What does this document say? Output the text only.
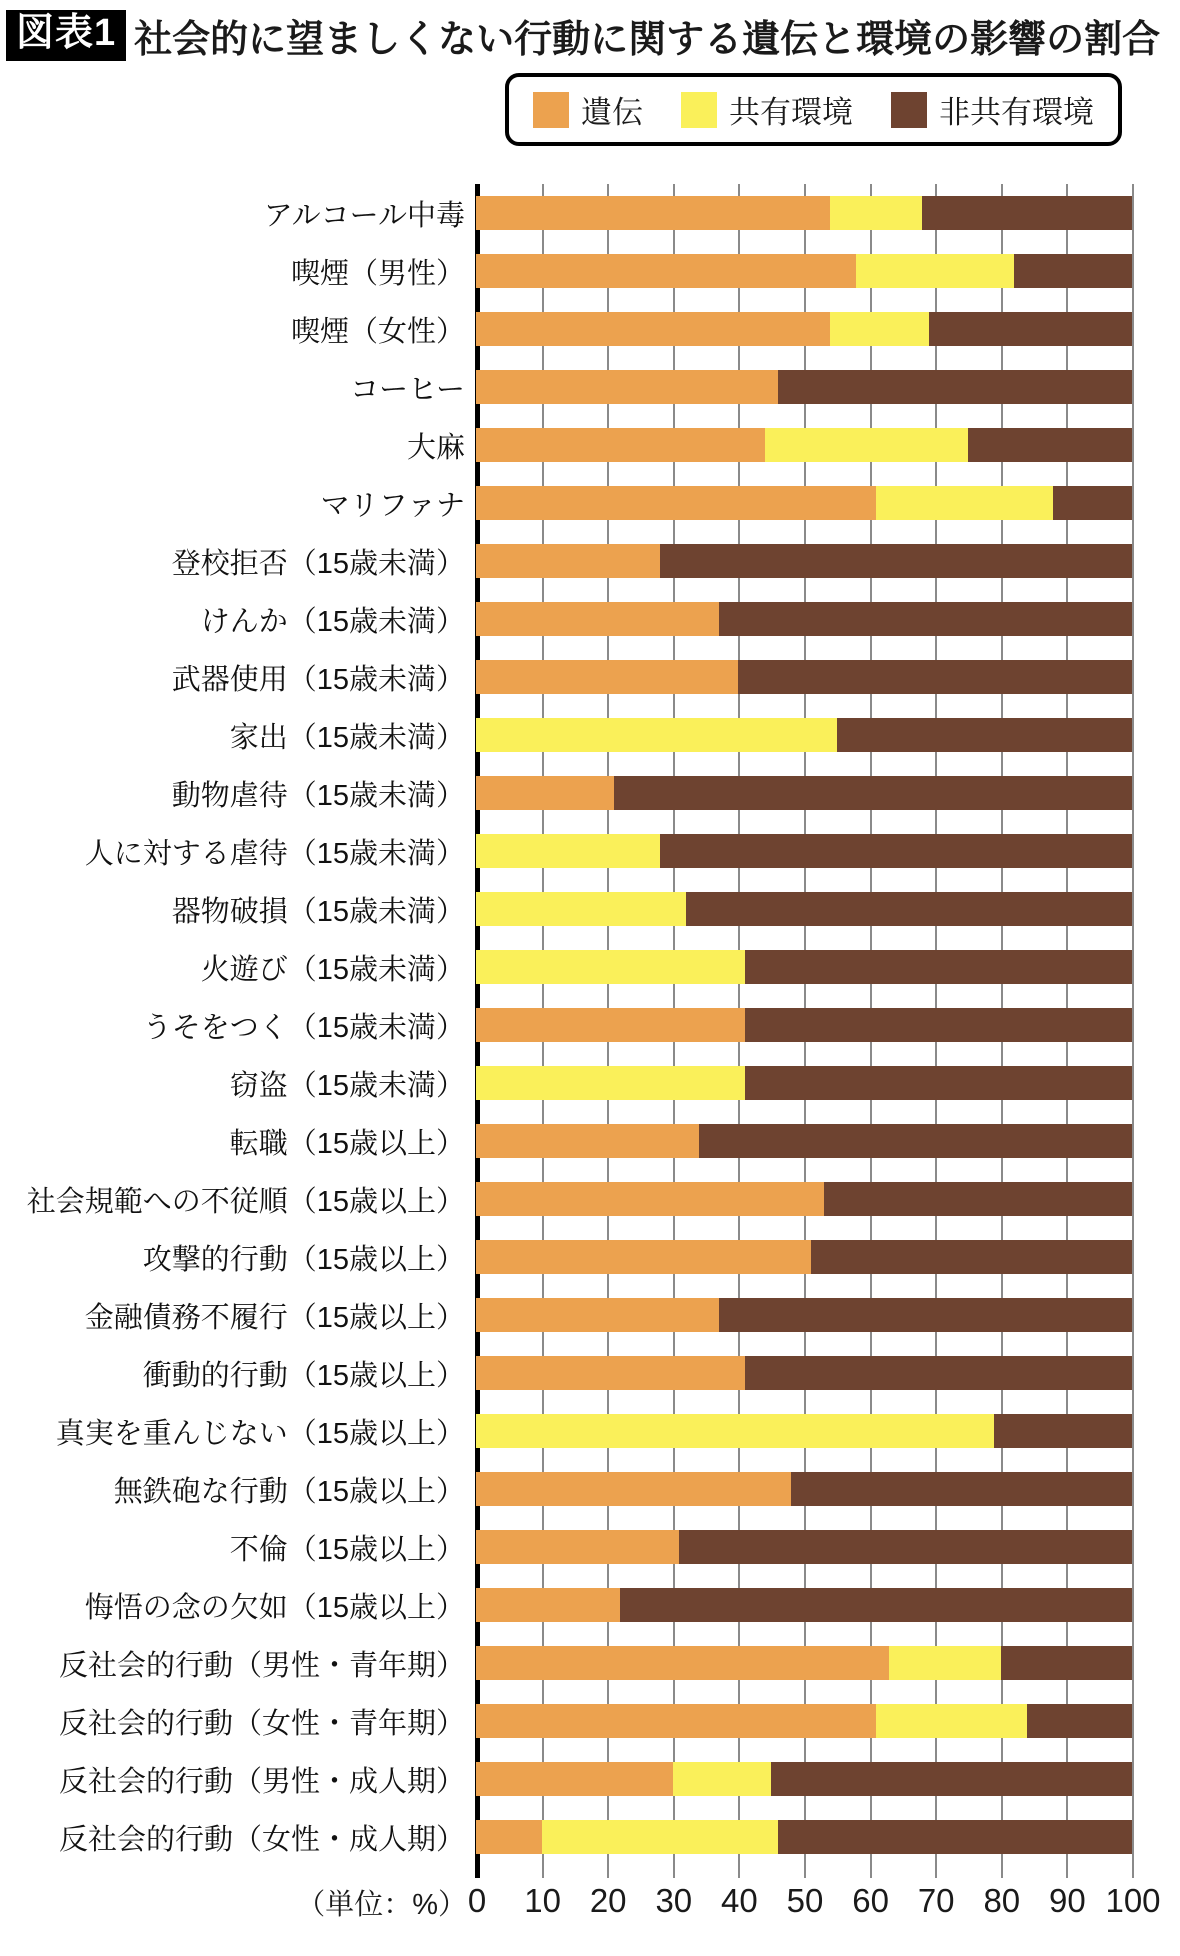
図表1 社会的に望ましくない行動に関する遺伝と環境の影響の割合
遺伝	共有環境	非共有環境
アルコール中毒
喫煙（男性）
喫煙（女性）
コーヒー
大麻
マリファナ
登校拒否（15歳未満）
けんか（15歳未満）
武器使用（15歳未満）
家出（15歳未満）
動物虐待（15歳未満）
人に対する虐待（15歳未満）
器物破損（15歳未満）
火遊び（15歳未満）
うそをつく（15歳未満）
窃盗（15歳未満）
転職（15歳以上）
社会規範への不従順（15歳以上）
攻撃的行動（15歳以上）
金融債務不履行（15歳以上）
衝動的行動（15歳以上）
真実を重んじない（15歳以上）
無鉄砲な行動（15歳以上）
不倫（15歳以上）
悔悟の念の欠如（15歳以上）
反社会的行動（男性・青年期）
反社会的行動（女性・青年期）
反社会的行動（男性・成人期）
反社会的行動（女性・成人期）
（単位：%） 0 10 20 30 40 50 60 70 80 90 100
